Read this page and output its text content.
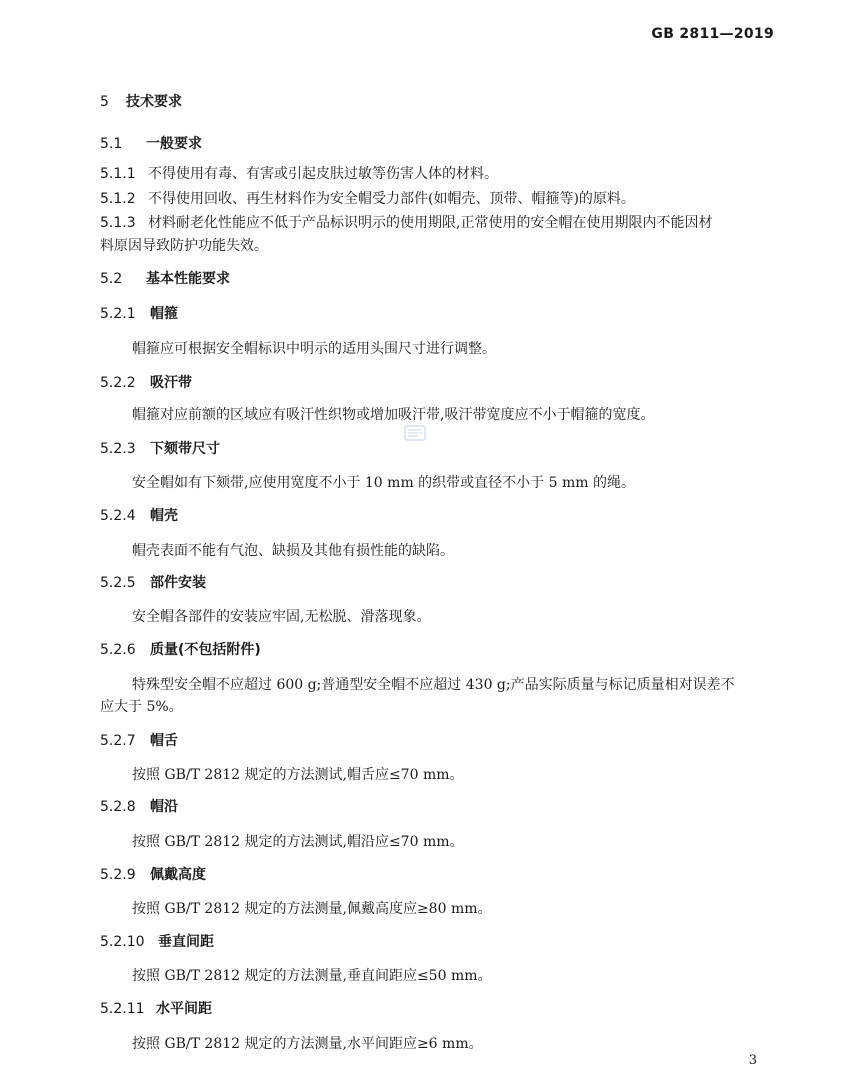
GB 2811—2019
5 技术要求
5.1 一般要求
5.1.1 不得使用有毒、有害或引起皮肤过敏等伤害人体的材料。
5.1.2 不得使用回收、再生材料作为安全帽受力部件(如帽壳、顶带、帽箍等)的原料。
5.1.3 材料耐老化性能应不低于产品标识明示的使用期限,正常使用的安全帽在使用期限内不能因材
料原因导致防护功能失效。
5.2 基本性能要求
5.2.1 帽箍
帽箍应可根据安全帽标识中明示的适用头围尺寸进行调整。
5.2.2 吸汗带
帽箍对应前额的区域应有吸汗性织物或增加吸汗带,吸汗带宽度应不小于帽箍的宽度。
5.2.3 下颏带尺寸
安全帽如有下颏带,应使用宽度不小于 10 mm 的织带或直径不小于 5 mm 的绳。
5.2.4 帽壳
帽壳表面不能有气泡、缺损及其他有损性能的缺陷。
5.2.5 部件安装
安全帽各部件的安装应牢固,无松脱、滑落现象。
5.2.6 质量(不包括附件)
特殊型安全帽不应超过 600 g;普通型安全帽不应超过 430 g;产品实际质量与标记质量相对误差不
应大于 5%。
5.2.7 帽舌
按照 GB/T 2812 规定的方法测试,帽舌应≤70 mm。
5.2.8 帽沿
按照 GB/T 2812 规定的方法测试,帽沿应≤70 mm。
5.2.9 佩戴高度
按照 GB/T 2812 规定的方法测量,佩戴高度应≥80 mm。
5.2.10 垂直间距
按照 GB/T 2812 规定的方法测量,垂直间距应≤50 mm。
5.2.11 水平间距
按照 GB/T 2812 规定的方法测量,水平间距应≥6 mm。
3
